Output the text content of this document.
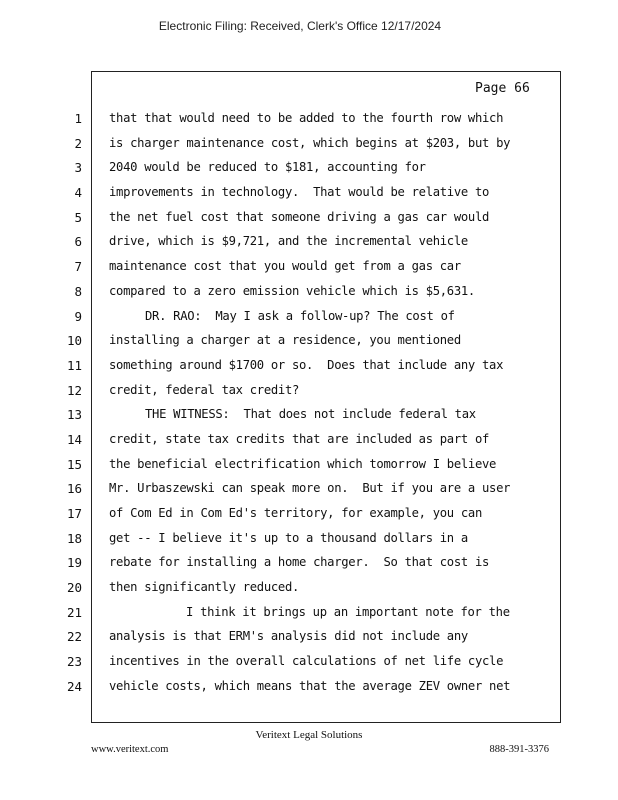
Electronic Filing: Received, Clerk's Office 12/17/2024
Page 66
1 that that would need to be added to the fourth row which
2 is charger maintenance cost, which begins at $203, but by
3 2040 would be reduced to $181, accounting for
4 improvements in technology.  That would be relative to
5 the net fuel cost that someone driving a gas car would
6 drive, which is $9,721, and the incremental vehicle
7 maintenance cost that you would get from a gas car
8 compared to a zero emission vehicle which is $5,631.
9	DR. RAO:  May I ask a follow-up? The cost of
10 installing a charger at a residence, you mentioned
11 something around $1700 or so.  Does that include any tax
12 credit, federal tax credit?
13	THE WITNESS:  That does not include federal tax
14 credit, state tax credits that are included as part of
15 the beneficial electrification which tomorrow I believe
16 Mr. Urbaszewski can speak more on.  But if you are a user
17 of Com Ed in Com Ed's territory, for example, you can
18 get -- I believe it's up to a thousand dollars in a
19 rebate for installing a home charger.  So that cost is
20 then significantly reduced.
21	I think it brings up an important note for the
22 analysis is that ERM's analysis did not include any
23 incentives in the overall calculations of net life cycle
24 vehicle costs, which means that the average ZEV owner net
Veritext Legal Solutions
www.veritext.com	888-391-3376
